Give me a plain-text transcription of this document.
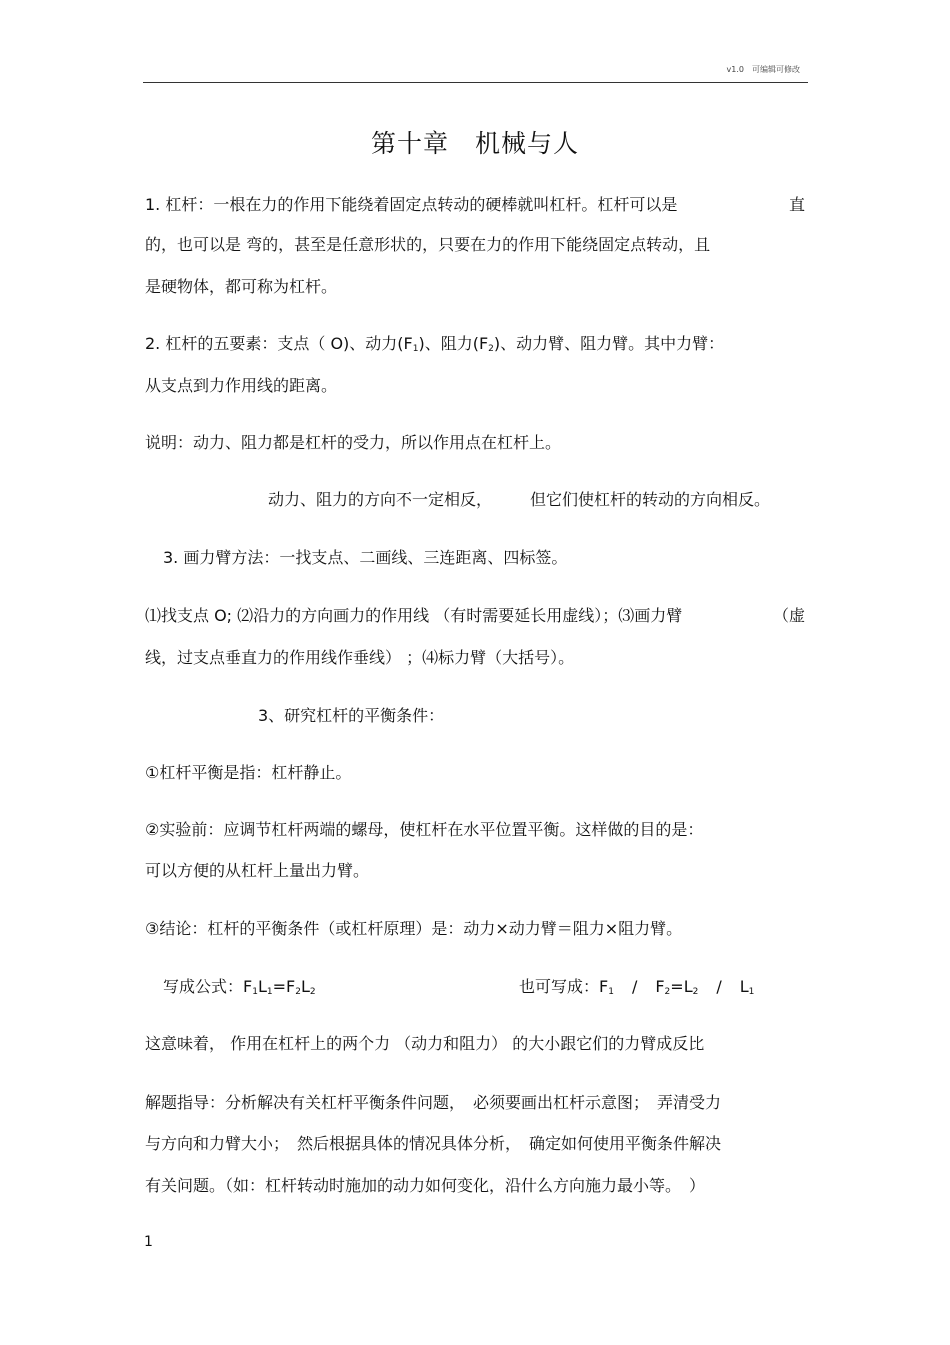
v1.0　可编辑可修改
第十章　机械与人
1. 杠杆：一根在力的作用下能绕着固定点转动的硬棒就叫杠杆。杠杆可以是	直
的，也可以是 弯的，甚至是任意形状的，只要在力的作用下能绕固定点转动，且
是硬物体，都可称为杠杆。
2. 杠杆的五要素：支点（ O)、动力$(F_1)$、阻力$(F_2)$、动力臂、阻力臂。其中力臂：
从支点到力作用线的距离。
说明：动力、阻力都是杠杆的受力，所以作用点在杠杆上。
动力、阻力的方向不一定相反， 但它们使杠杆的转动的方向相反。
3. 画力臂方法：一找支点、二画线、三连距离、四标签。
⑴找支点 O; ⑵沿力的方向画力的作用线 （有时需要延长用虚线）；⑶画力臂	（虚
线，过支点垂直力的作用线作垂线） ；⑷标力臂（大括号）。
3、研究杠杆的平衡条件：
①杠杆平衡是指：杠杆静止。
②实验前：应调节杠杆两端的螺母，使杠杆在水平位置平衡。这样做的目的是：
可以方便的从杠杆上量出力臂。
③结论：杠杆的平衡条件（或杠杆原理）是：动力×动力臂＝阻力×阻力臂。
写成公式：$F_1L_1=F_2L_2$	也可写成：$F_1 / F_2=L_2 / L_1$
这意味着， 作用在杠杆上的两个力 （动力和阻力） 的大小跟它们的力臂成反比
解题指导：分析解决有关杠杆平衡条件问题，　必须要画出杠杆示意图；　弄清受力
与方向和力臂大小；　然后根据具体的情况具体分析，　确定如何使用平衡条件解决
有关问题。（如：杠杆转动时施加的动力如何变化，沿什么方向施力最小等。　）
1
